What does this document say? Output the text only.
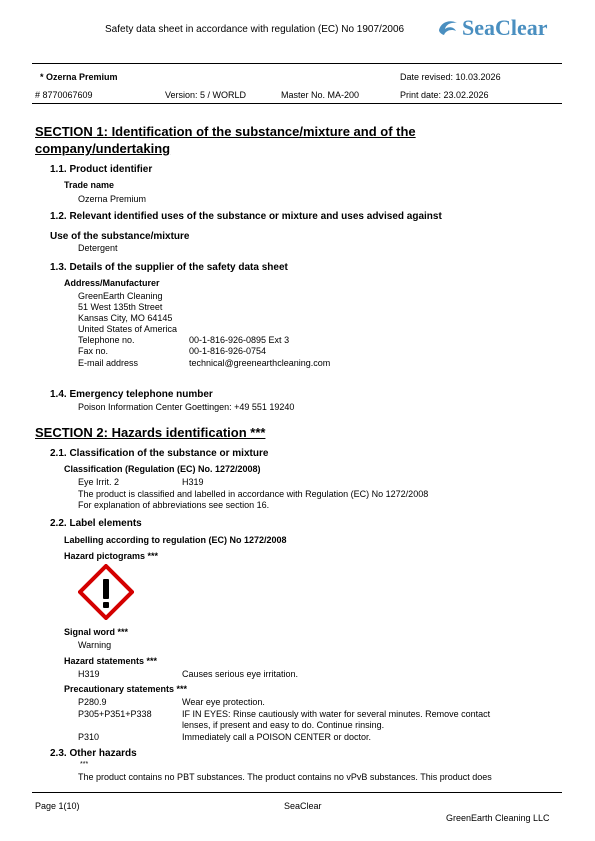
Safety data sheet in accordance with regulation (EC) No 1907/2006	SeaClear
* Ozerna Premium	Date revised: 10.03.2026
# 8770067609	Version: 5 / WORLD	Master No. MA-200	Print date: 23.02.2026
SECTION 1: Identification of the substance/mixture and of the
company/undertaking
1.1. Product identifier
Trade name
Ozerna Premium
1.2. Relevant identified uses of the substance or mixture and uses advised against
Use of the substance/mixture
Detergent
1.3. Details of the supplier of the safety data sheet
Address/Manufacturer
GreenEarth Cleaning
51 West 135th Street
Kansas City, MO 64145
United States of America
Telephone no.	00-1-816-926-0895 Ext 3
Fax no.	00-1-816-926-0754
E-mail address	technical@greenearthcleaning.com
1.4. Emergency telephone number
Poison Information Center Goettingen: +49 551 19240
SECTION 2: Hazards identification ***
2.1. Classification of the substance or mixture
Classification (Regulation (EC) No. 1272/2008)
Eye Irrit. 2	H319
The product is classified and labelled in accordance with Regulation (EC) No 1272/2008
For explanation of abbreviations see section 16.
2.2. Label elements
Labelling according to regulation (EC) No 1272/2008
Hazard pictograms ***
Signal word ***
Warning
Hazard statements ***
H319	Causes serious eye irritation.
Precautionary statements ***
P280.9	Wear eye protection.
P305+P351+P338	IF IN EYES: Rinse cautiously with water for several minutes. Remove contact
lenses, if present and easy to do. Continue rinsing.
P310	Immediately call a POISON CENTER or doctor.
2.3. Other hazards
***
The product contains no PBT substances. The product contains no vPvB substances. This product does
Page 1(10)	SeaClear
GreenEarth Cleaning LLC
